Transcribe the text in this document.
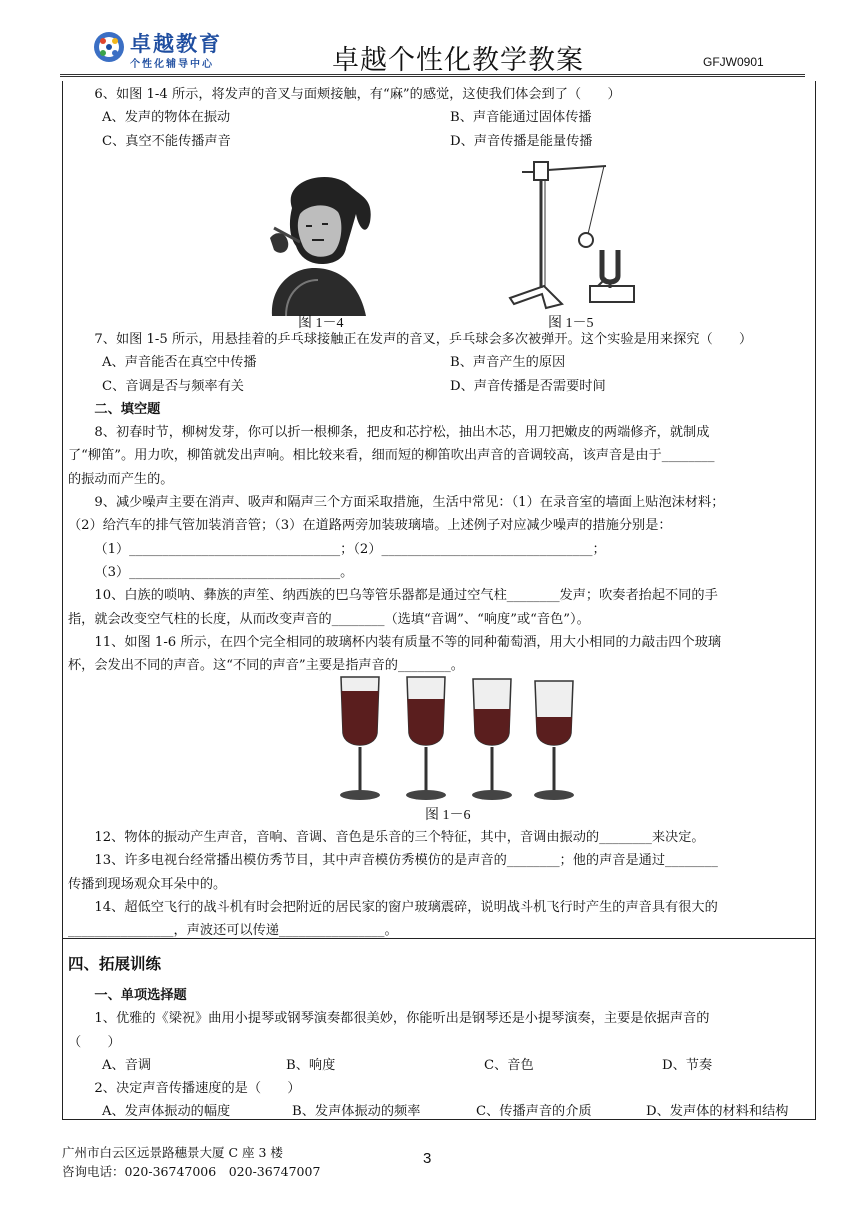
卓越教育
个性化辅导中心	卓越个性化教学教案	GFJW0901

6、如图 1-4 所示，将发声的音叉与面颊接触，有“麻”的感觉，这使我们体会到了（　　）

A、发声的物体在振动	B、声音能通过固体传播
C、真空不能传播声音	D、声音传播是能量传播
图 1－4	图 1－5

7、如图 1-5 所示，用悬挂着的乒乓球接触正在发声的音叉，乒乓球会多次被弹开。这个实验是用来探究（　　）

A、声音能否在真空中传播	B、声音产生的原因
C、音调是否与频率有关	D、声音传播是否需要时间

二、填空题

8、初春时节，柳树发芽，你可以折一根柳条，把皮和芯拧松，抽出木芯，用刀把嫩皮的两端修齐，就制成

了“柳笛”。用力吹，柳笛就发出声响。相比较来看，细而短的柳笛吹出声音的音调较高，该声音是由于________

的振动而产生的。

9、减少噪声主要在消声、吸声和隔声三个方面采取措施，生活中常见：（1）在录音室的墙面上贴泡沫材料；

（2）给汽车的排气管加装消音管；（3）在道路两旁加装玻璃墙。上述例子对应减少噪声的措施分别是：

（1）________________________________；（2）________________________________；

（3）________________________________。

10、白族的唢呐、彝族的声笙、纳西族的巴乌等管乐器都是通过空气柱________发声；吹奏者抬起不同的手

指，就会改变空气柱的长度，从而改变声音的________（选填“音调”、“响度”或“音色”）。

11、如图 1-6 所示，在四个完全相同的玻璃杯内装有质量不等的同种葡萄酒，用大小相同的力敲击四个玻璃

杯，会发出不同的声音。这“不同的声音”主要是指声音的________。

图 1－6

12、物体的振动产生声音，音响、音调、音色是乐音的三个特征，其中，音调由振动的________来决定。

13、许多电视台经常播出模仿秀节目，其中声音模仿秀模仿的是声音的________；他的声音是通过________

传播到现场观众耳朵中的。

14、超低空飞行的战斗机有时会把附近的居民家的窗户玻璃震碎，说明战斗机飞行时产生的声音具有很大的

________________，声波还可以传递________________。

四、拓展训练

一、单项选择题

1、优雅的《梁祝》曲用小提琴或钢琴演奏都很美妙，你能听出是钢琴还是小提琴演奏，主要是依据声音的

（　　）

A、音调	B、响度	C、音色	D、节奏

2、决定声音传播速度的是（　　）

A、发声体振动的幅度	B、发声体振动的频率	C、传播声音的介质	D、发声体的材料和结构
广州市白云区远景路穗景大厦 C 座 3 楼
咨询电话：020-36747006　020-36747007
3
